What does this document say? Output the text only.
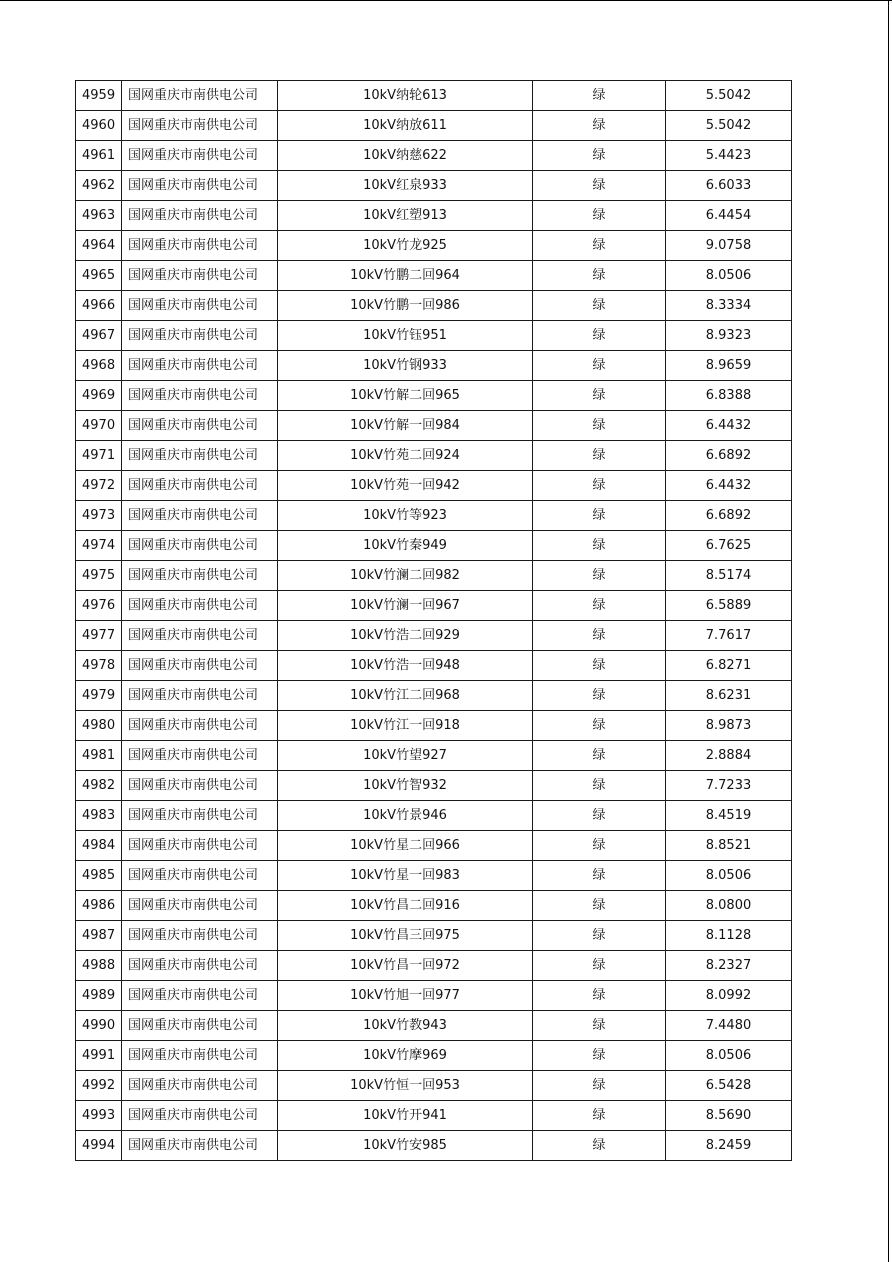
4959	国网重庆市南供电公司	10kV纳轮613	绿	5.5042
4960	国网重庆市南供电公司	10kV纳放611	绿	5.5042
4961	国网重庆市南供电公司	10kV纳慈622	绿	5.4423
4962	国网重庆市南供电公司	10kV红泉933	绿	6.6033
4963	国网重庆市南供电公司	10kV红塑913	绿	6.4454
4964	国网重庆市南供电公司	10kV竹龙925	绿	9.0758
4965	国网重庆市南供电公司	10kV竹鹏二回964	绿	8.0506
4966	国网重庆市南供电公司	10kV竹鹏一回986	绿	8.3334
4967	国网重庆市南供电公司	10kV竹钰951	绿	8.9323
4968	国网重庆市南供电公司	10kV竹钢933	绿	8.9659
4969	国网重庆市南供电公司	10kV竹解二回965	绿	6.8388
4970	国网重庆市南供电公司	10kV竹解一回984	绿	6.4432
4971	国网重庆市南供电公司	10kV竹苑二回924	绿	6.6892
4972	国网重庆市南供电公司	10kV竹苑一回942	绿	6.4432
4973	国网重庆市南供电公司	10kV竹等923	绿	6.6892
4974	国网重庆市南供电公司	10kV竹秦949	绿	6.7625
4975	国网重庆市南供电公司	10kV竹澜二回982	绿	8.5174
4976	国网重庆市南供电公司	10kV竹澜一回967	绿	6.5889
4977	国网重庆市南供电公司	10kV竹浩二回929	绿	7.7617
4978	国网重庆市南供电公司	10kV竹浩一回948	绿	6.8271
4979	国网重庆市南供电公司	10kV竹江二回968	绿	8.6231
4980	国网重庆市南供电公司	10kV竹江一回918	绿	8.9873
4981	国网重庆市南供电公司	10kV竹望927	绿	2.8884
4982	国网重庆市南供电公司	10kV竹智932	绿	7.7233
4983	国网重庆市南供电公司	10kV竹景946	绿	8.4519
4984	国网重庆市南供电公司	10kV竹星二回966	绿	8.8521
4985	国网重庆市南供电公司	10kV竹星一回983	绿	8.0506
4986	国网重庆市南供电公司	10kV竹昌二回916	绿	8.0800
4987	国网重庆市南供电公司	10kV竹昌三回975	绿	8.1128
4988	国网重庆市南供电公司	10kV竹昌一回972	绿	8.2327
4989	国网重庆市南供电公司	10kV竹旭一回977	绿	8.0992
4990	国网重庆市南供电公司	10kV竹教943	绿	7.4480
4991	国网重庆市南供电公司	10kV竹摩969	绿	8.0506
4992	国网重庆市南供电公司	10kV竹恒一回953	绿	6.5428
4993	国网重庆市南供电公司	10kV竹开941	绿	8.5690
4994	国网重庆市南供电公司	10kV竹安985	绿	8.2459
